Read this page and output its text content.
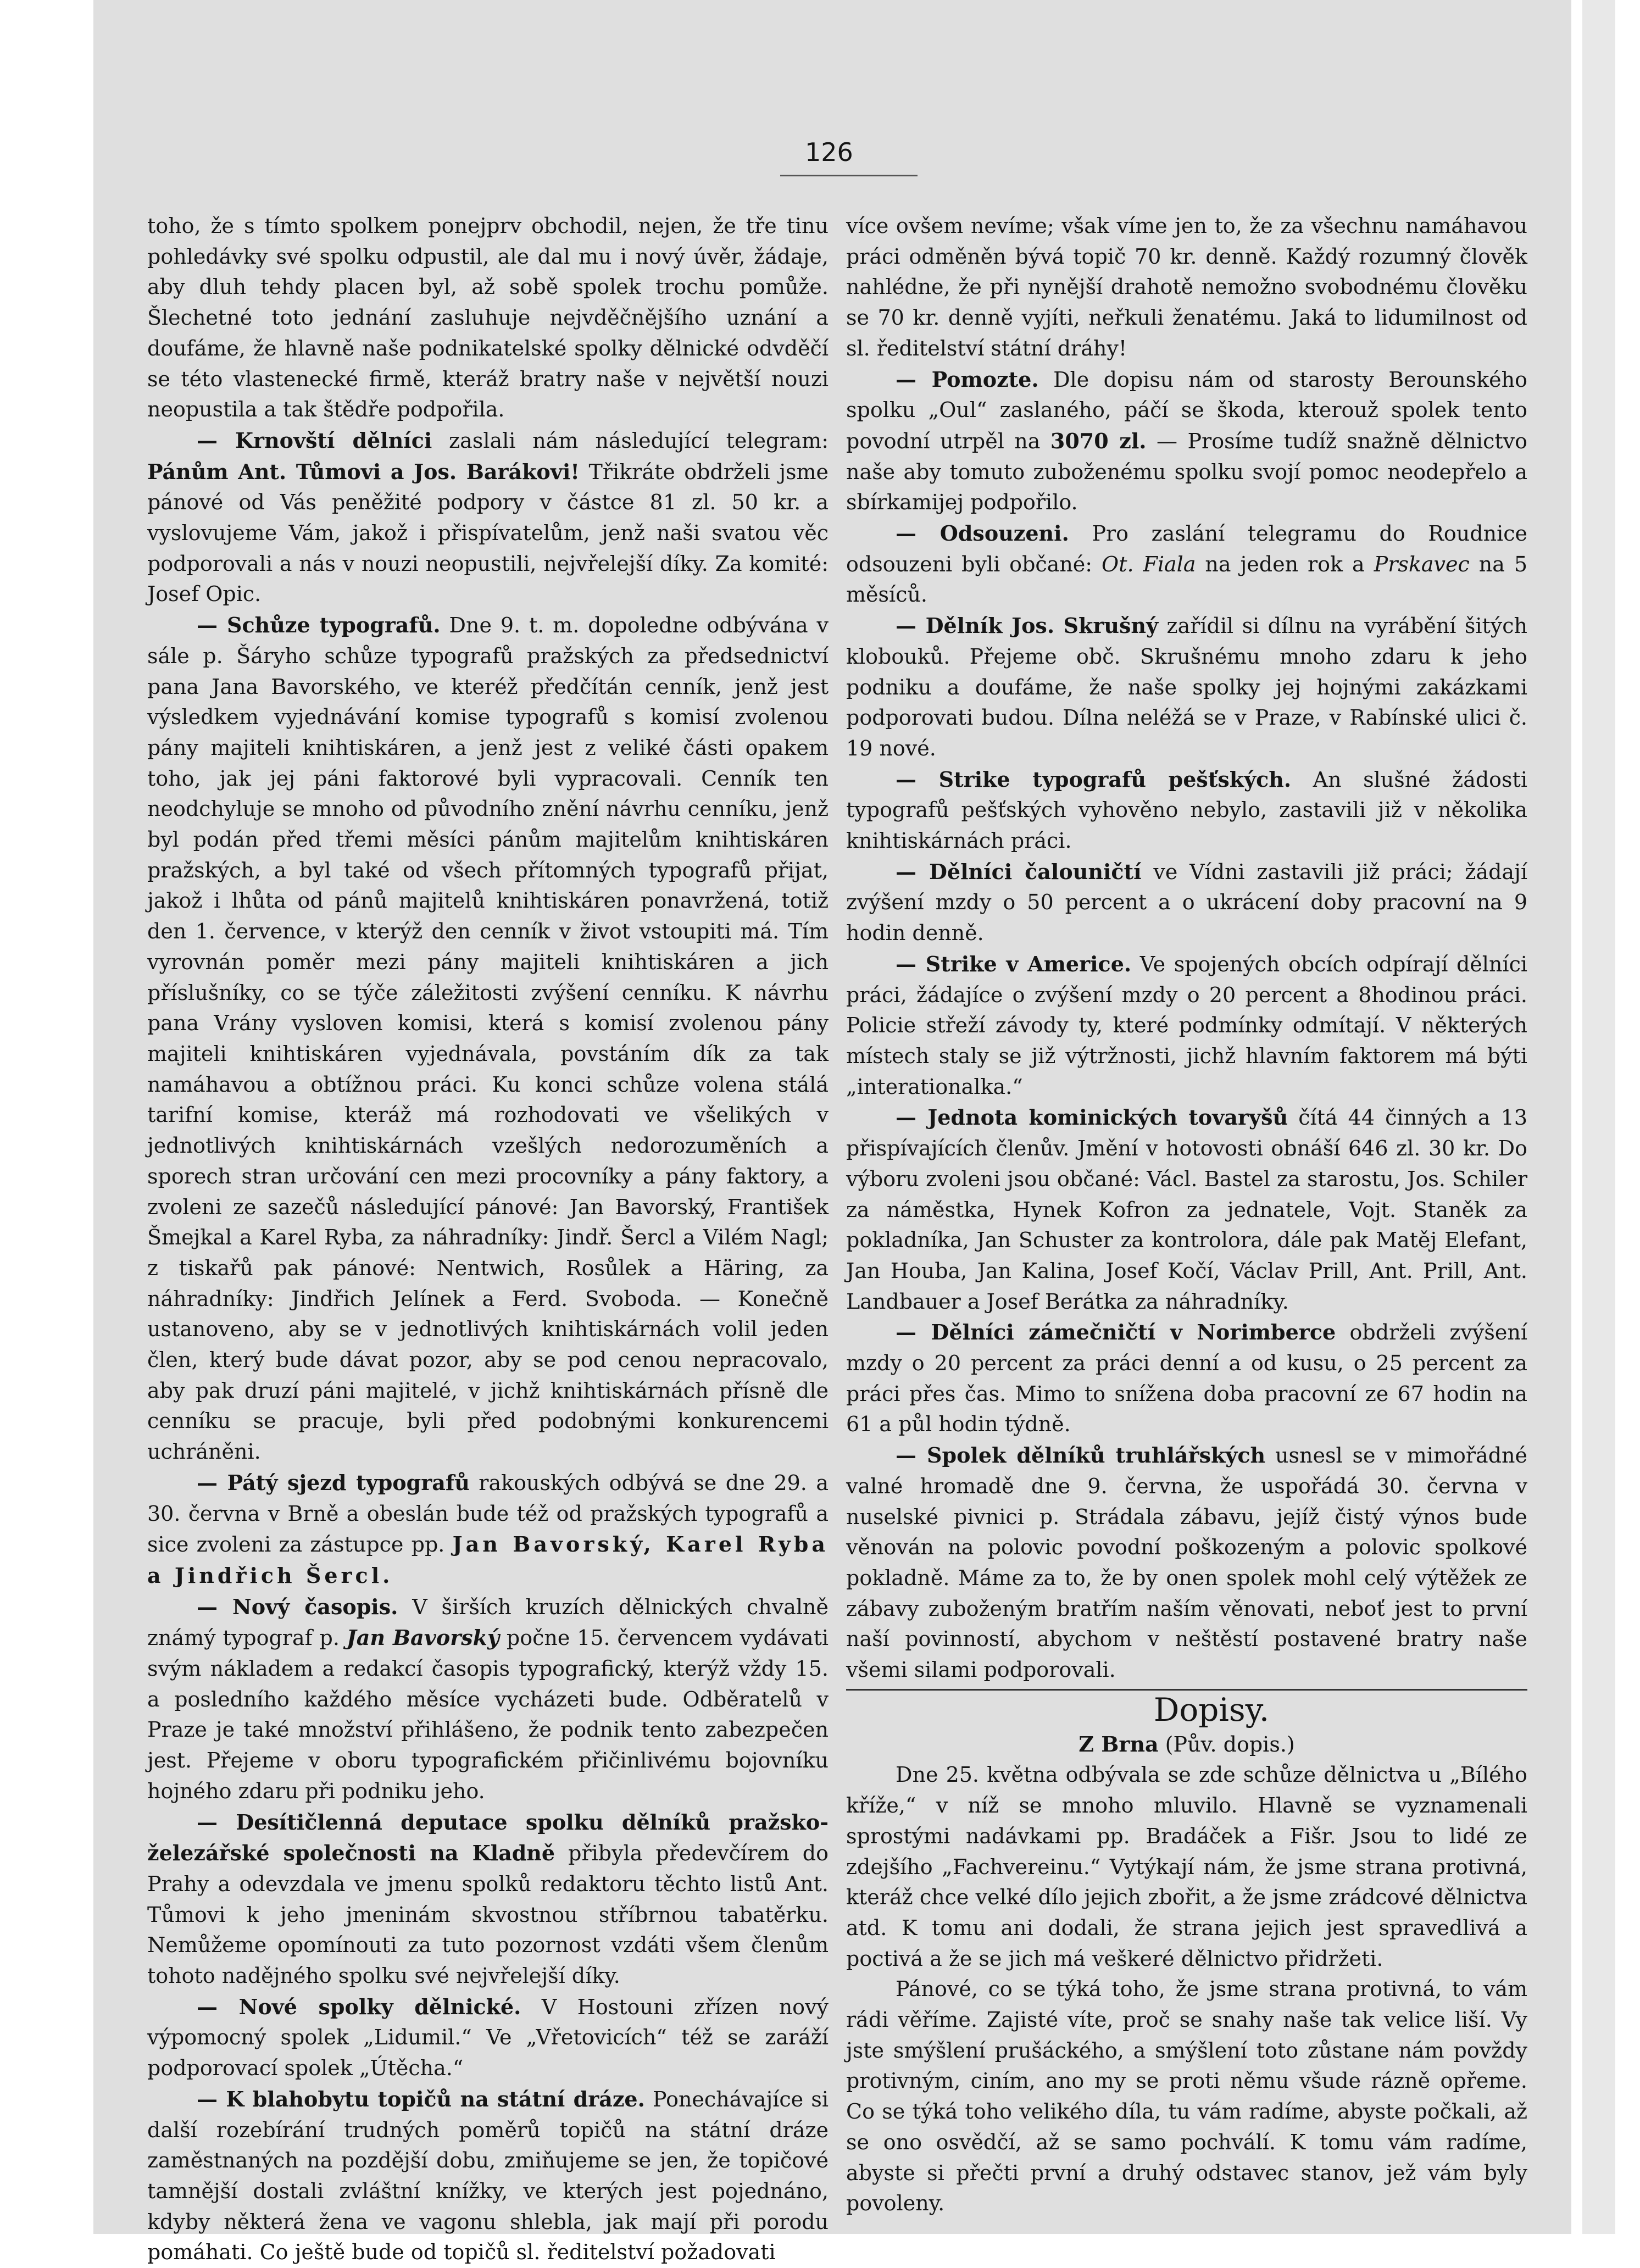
126

toho, že s tímto spolkem ponejprv obchodil, nejen, že tře tinu pohledávky své spolku odpustil, ale dal mu i nový úvěr, žádaje, aby dluh tehdy placen byl, až sobě spolek trochu pomůže. Šlechetné toto jednání zasluhuje nejvděčnějšího uznání a doufáme, že hlavně naše podnikatelské spolky dělnické odvděčí se této vlastenecké firmě, kteráž bratry naše v největší nouzi neopustila a tak štědře podpořila.

— Krnovští dělníci zaslali nám následující telegram: Pánům Ant. Tůmovi a Jos. Barákovi! Třikráte obdrželi jsme pánové od Vás peněžité podpory v částce 81 zl. 50 kr. a vyslovujeme Vám, jakož i přispívatelům, jenž naši svatou věc podporovali a nás v nouzi neopustili, nejvřelejší díky. Za komité: Josef Opic.

— Schůze typografů. Dne 9. t. m. dopoledne odbývána v sále p. Šáryho schůze typografů pražských za předsednictví pana Jana Bavorského, ve kteréž předčítán cenník, jenž jest výsledkem vyjednávání komise typografů s komisí zvolenou pány majiteli knihtiskáren, a jenž jest z veliké části opakem toho, jak jej páni faktorové byli vypracovali. Cenník ten neodchyluje se mnoho od původního znění návrhu cenníku, jenž byl podán před třemi měsíci pánům majitelům knihtiskáren pražských, a byl také od všech přítomných typografů přijat, jakož i lhůta od pánů majitelů knihtiskáren ponavržená, totiž den 1. července, v kterýž den cenník v život vstoupiti má. Tím vyrovnán poměr mezi pány majiteli knihtiskáren a jich příslušníky, co se týče záležitosti zvýšení cenníku. K návrhu pana Vrány vysloven komisi, která s komisí zvolenou pány majiteli knihtiskáren vyjednávala, povstáním dík za tak namáhavou a obtížnou práci. Ku konci schůze volena stálá tarifní komise, kteráž má rozhodovati ve všelikých v jednotlivých knihtiskárnách vzešlých nedorozuměních a sporech stran určování cen mezi procovníky a pány faktory, a zvoleni ze sazečů následující pánové: Jan Bavorský, František Šmejkal a Karel Ryba, za náhradníky: Jindř. Šercl a Vilém Nagl; z tiskařů pak pánové: Nentwich, Rosůlek a Häring, za náhradníky: Jindřich Jelínek a Ferd. Svoboda. — Konečně ustanoveno, aby se v jednotlivých knihtiskárnách volil jeden člen, který bude dávat pozor, aby se pod cenou nepracovalo, aby pak druzí páni majitelé, v jichž knihtiskárnách přísně dle cenníku se pracuje, byli před podobnými konkurencemi uchráněni.

— Pátý sjezd typografů rakouských odbývá se dne 29. a 30. června v Brně a obeslán bude též od pražských typografů a sice zvoleni za zástupce pp. Jan Bavorský, Karel Ryba a Jindřich Šercl.

— Nový časopis. V širších kruzích dělnických chvalně známý typograf p. Jan Bavorský počne 15. červencem vydávati svým nákladem a redakcí časopis typografický, kterýž vždy 15. a posledního každého měsíce vycházeti bude. Odběratelů v Praze je také množství přihlášeno, že podnik tento zabezpečen jest. Přejeme v oboru typografickém přičinlivému bojovníku hojného zdaru při podniku jeho.

— Desítičlenná deputace spolku dělníků pražsko-železářské společnosti na Kladně přibyla předevčírem do Prahy a odevzdala ve jmenu spolků redaktoru těchto listů Ant. Tůmovi k jeho jmeninám skvostnou stříbrnou tabatěrku. Nemůžeme opomínouti za tuto pozornost vzdáti všem členům tohoto nadějného spolku své nejvřelejší díky.

— Nové spolky dělnické. V Hostouni zřízen nový výpomocný spolek „Lidumil.“ Ve „Vřetovicích“ též se zaráží podporovací spolek „Útěcha.“

— K blahobytu topičů na státní dráze. Ponechávajíce si další rozebírání trudných poměrů topičů na státní dráze zaměstnaných na pozdější dobu, zmiňujeme se jen, že topičové tamnější dostali zvláštní knížky, ve kterých jest pojednáno, kdyby některá žena ve vagonu shlebla, jak mají při porodu pomáhati. Co ještě bude od topičů sl. ředitelství požadovati

více ovšem nevíme; však víme jen to, že za všechnu namáhavou práci odměněn bývá topič 70 kr. denně. Každý rozumný člověk nahlédne, že při nynější drahotě nemožno svobodnému člověku se 70 kr. denně vyjíti, neřkuli ženatému. Jaká to lidumilnost od sl. ředitelství státní dráhy!

— Pomozte. Dle dopisu nám od starosty Berounského spolku „Oul“ zaslaného, páčí se škoda, kterouž spolek tento povodní utrpěl na 3070 zl. — Prosíme tudíž snažně dělnictvo naše aby tomuto zuboženému spolku svojí pomoc neodepřelo a sbírkamijej podpořilo.

— Odsouzeni. Pro zaslání telegramu do Roudnice odsouzeni byli občané: Ot. Fiala na jeden rok a Prskavec na 5 měsíců.

— Dělník Jos. Skrušný zařídil si dílnu na vyrábění šitých klobouků. Přejeme obč. Skrušnému mnoho zdaru k jeho podniku a doufáme, že naše spolky jej hojnými zakázkami podporovati budou. Dílna neléžá se v Praze, v Rabínské ulici č. 19 nové.

— Strike typografů pešťských. An slušné žádosti typografů pešťských vyhověno nebylo, zastavili již v několika knihtiskárnách práci.

— Dělníci čalouničtí ve Vídni zastavili již práci; žádají zvýšení mzdy o 50 percent a o ukrácení doby pracovní na 9 hodin denně.

— Strike v Americe. Ve spojených obcích odpírají dělníci práci, žádajíce o zvýšení mzdy o 20 percent a 8hodinou práci. Policie střeží závody ty, které podmínky odmítají. V některých místech staly se již výtržnosti, jichž hlavním faktorem má býti „interationalka.“

— Jednota kominických tovaryšů čítá 44 činných a 13 přispívajících členův. Jmění v hotovosti obnáší 646 zl. 30 kr. Do výboru zvoleni jsou občané: Václ. Bastel za starostu, Jos. Schiler za náměstka, Hynek Kofron za jednatele, Vojt. Staněk za pokladníka, Jan Schuster za kontrolora, dále pak Matěj Elefant, Jan Houba, Jan Kalina, Josef Kočí, Václav Prill, Ant. Prill, Ant. Landbauer a Josef Berátka za náhradníky.

— Dělníci zámečničtí v Norimberce obdrželi zvýšení mzdy o 20 percent za práci denní a od kusu, o 25 percent za práci přes čas. Mimo to snížena doba pracovní ze 67 hodin na 61 a půl hodin týdně.

— Spolek dělníků truhlářských usnesl se v mimořádné valné hromadě dne 9. června, že uspořádá 30. června v nuselské pivnici p. Strádala zábavu, jejíž čistý výnos bude věnován na polovic povodní poškozeným a polovic spolkové pokladně. Máme za to, že by onen spolek mohl celý výtěžek ze zábavy zuboženým bratřím naším věnovati, neboť jest to první naší povinností, abychom v neštěstí postavené bratry naše všemi silami podporovali.

Dopisy.

Z Brna (Pův. dopis.)

Dne 25. května odbývala se zde schůze dělnictva u „Bílého kříže,“ v níž se mnoho mluvilo. Hlavně se vyznamenali sprostými nadávkami pp. Bradáček a Fišr. Jsou to lidé ze zdejšího „Fachvereinu.“ Vytýkají nám, že jsme strana protivná, kteráž chce velké dílo jejich zbořit, a že jsme zrádcové dělnictva atd. K tomu ani dodali, že strana jejich jest spravedlivá a poctivá a že se jich má veškeré dělnictvo přidržeti.

Pánové, co se týká toho, že jsme strana protivná, to vám rádi věříme. Zajisté víte, proč se snahy naše tak velice liší. Vy jste smýšlení prušáckého, a smýšlení toto zůstane nám povždy protivným, ciním, ano my se proti němu všude rázně opřeme. Co se týká toho velikého díla, tu vám radíme, abyste počkali, až se ono osvědčí, až se samo pochválí. K tomu vám radíme, abyste si přečti první a druhý odstavec stanov, jež vám byly povoleny.
